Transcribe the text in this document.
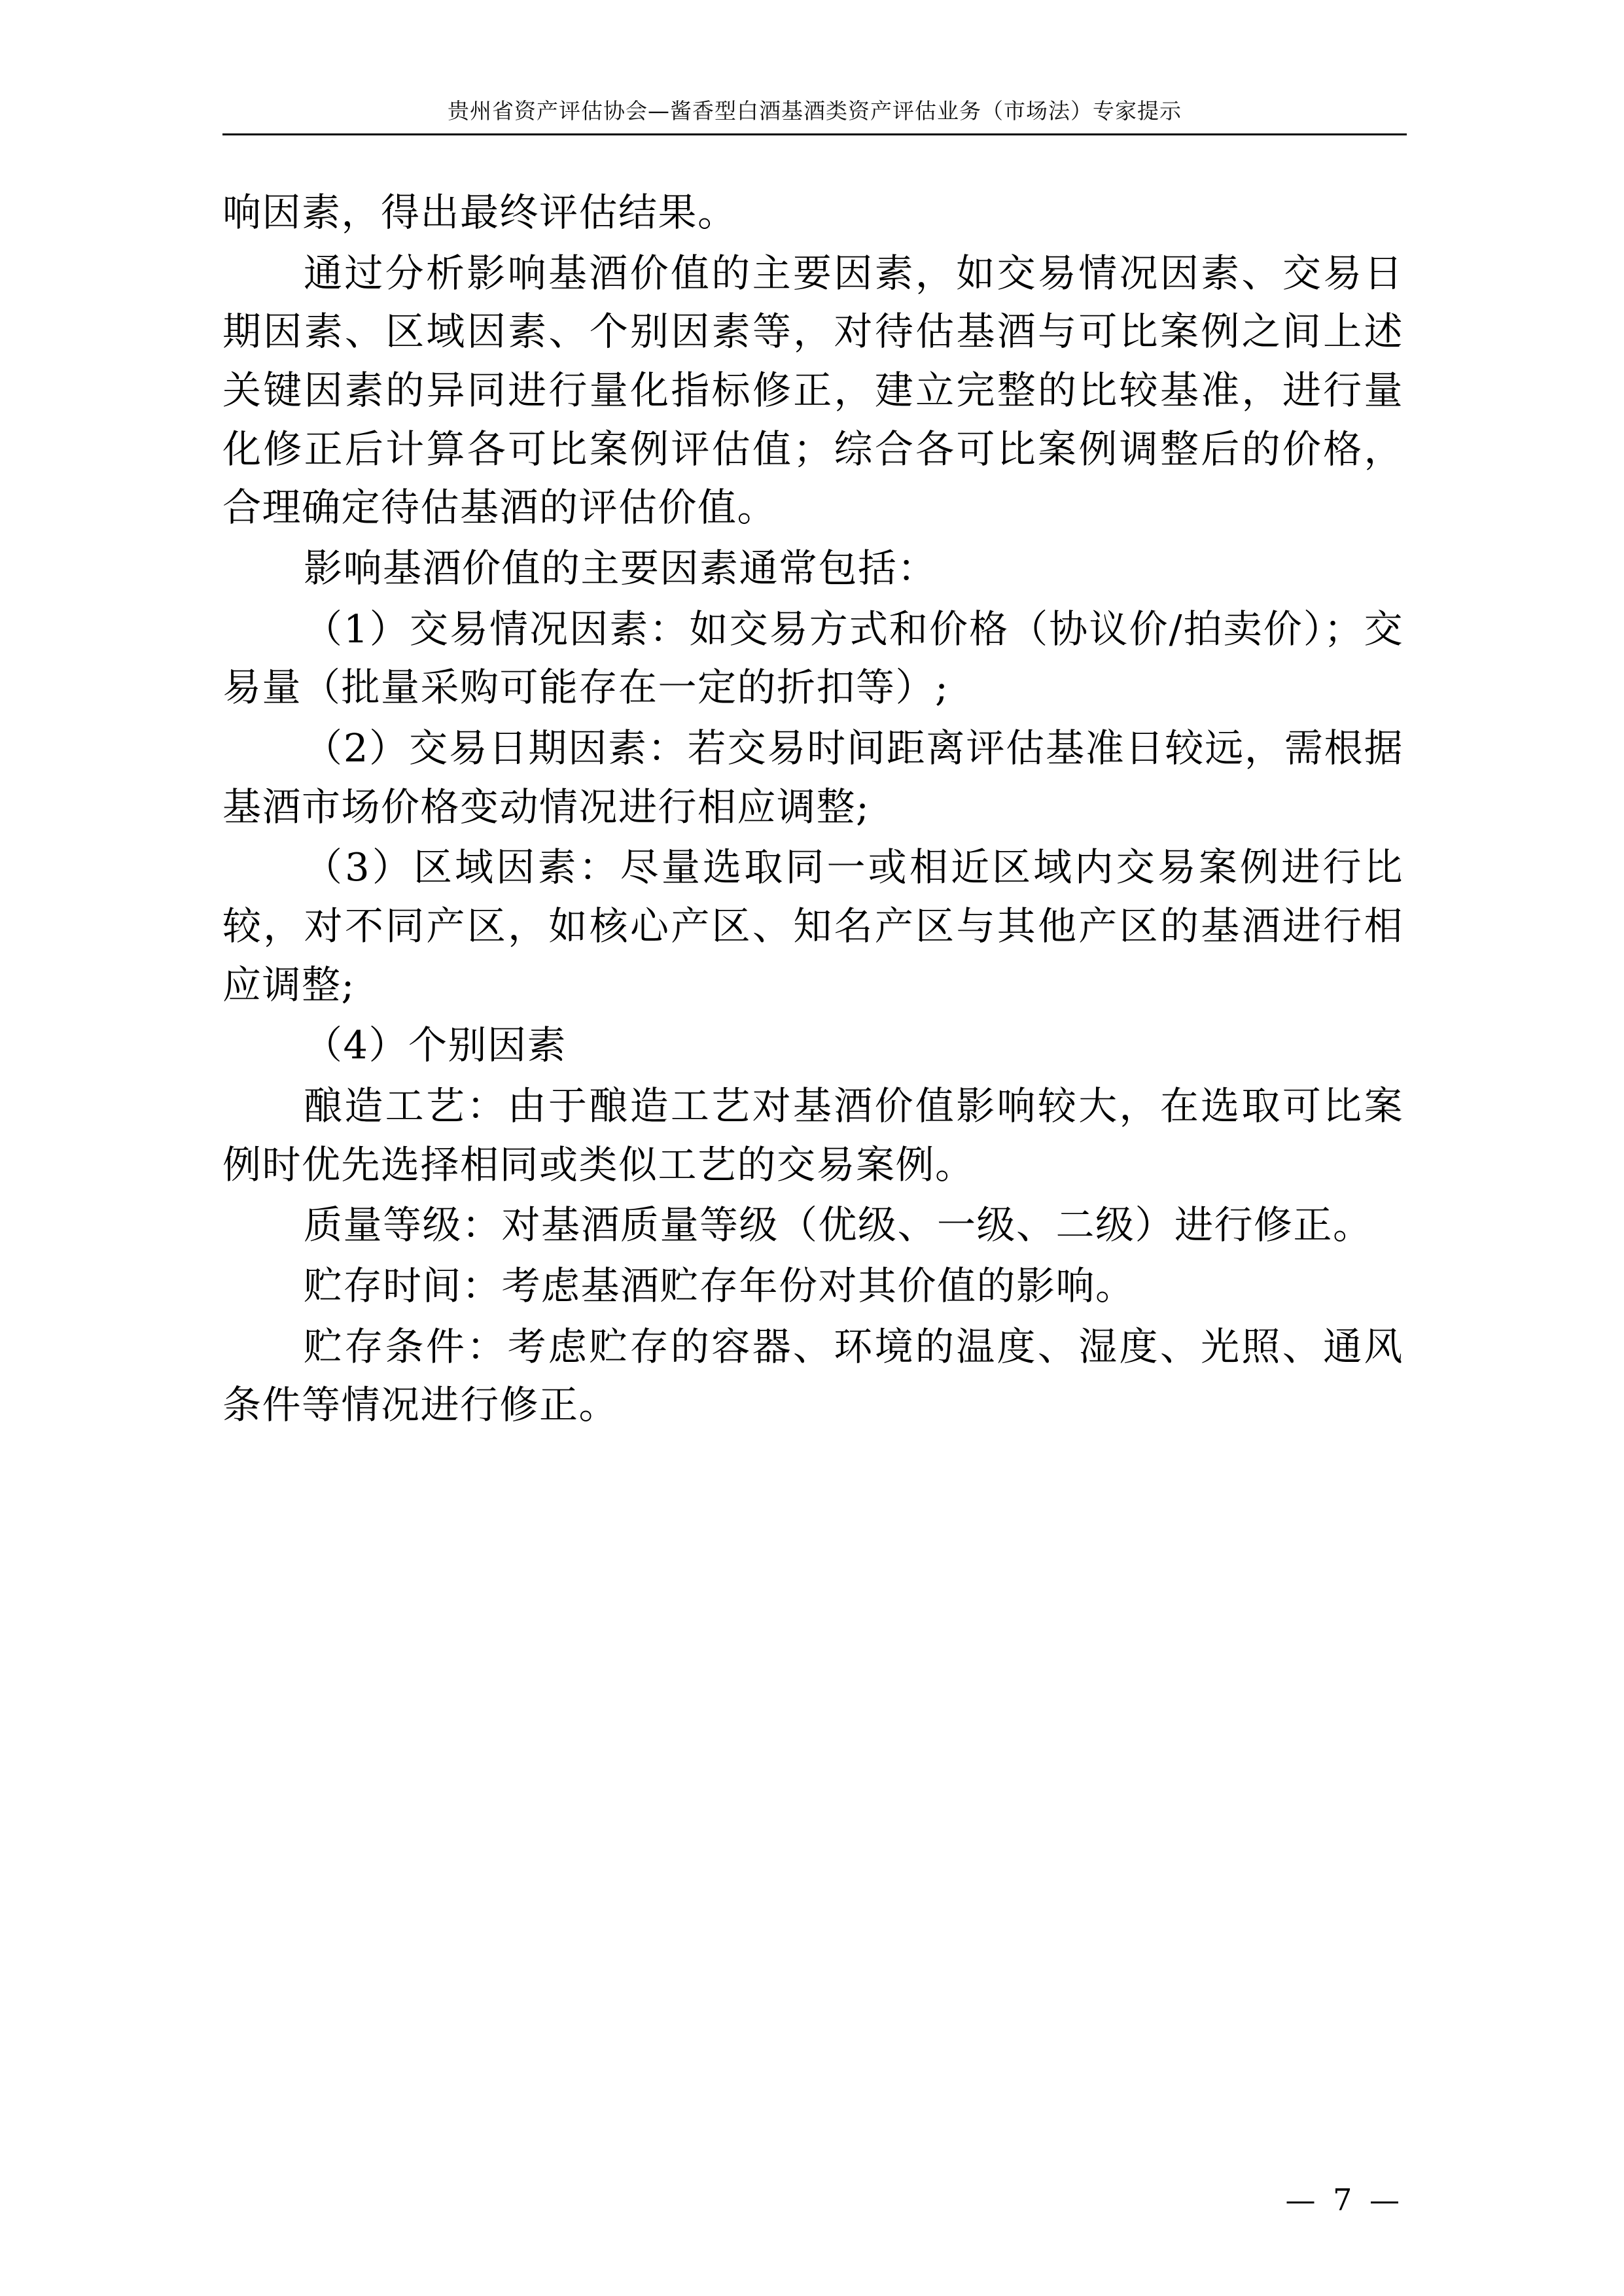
贵州省资产评估协会—酱香型白酒基酒类资产评估业务（市场法）专家提示

响因素，得出最终评估结果。

通过分析影响基酒价值的主要因素，如交易情况因素、交易日期因素、区域因素、个别因素等，对待估基酒与可比案例之间上述关键因素的异同进行量化指标修正，建立完整的比较基准，进行量化修正后计算各可比案例评估值；综合各可比案例调整后的价格，合理确定待估基酒的评估价值。

影响基酒价值的主要因素通常包括：

（1）交易情况因素：如交易方式和价格（协议价/拍卖价）；交易量（批量采购可能存在一定的折扣等）;

（2）交易日期因素：若交易时间距离评估基准日较远，需根据基酒市场价格变动情况进行相应调整;

（3）区域因素：尽量选取同一或相近区域内交易案例进行比较，对不同产区，如核心产区、知名产区与其他产区的基酒进行相应调整;

（4）个别因素

酿造工艺：由于酿造工艺对基酒价值影响较大，在选取可比案例时优先选择相同或类似工艺的交易案例。

质量等级：对基酒质量等级（优级、一级、二级）进行修正。

贮存时间：考虑基酒贮存年份对其价值的影响。

贮存条件：考虑贮存的容器、环境的温度、湿度、光照、通风条件等情况进行修正。

— 7 —
